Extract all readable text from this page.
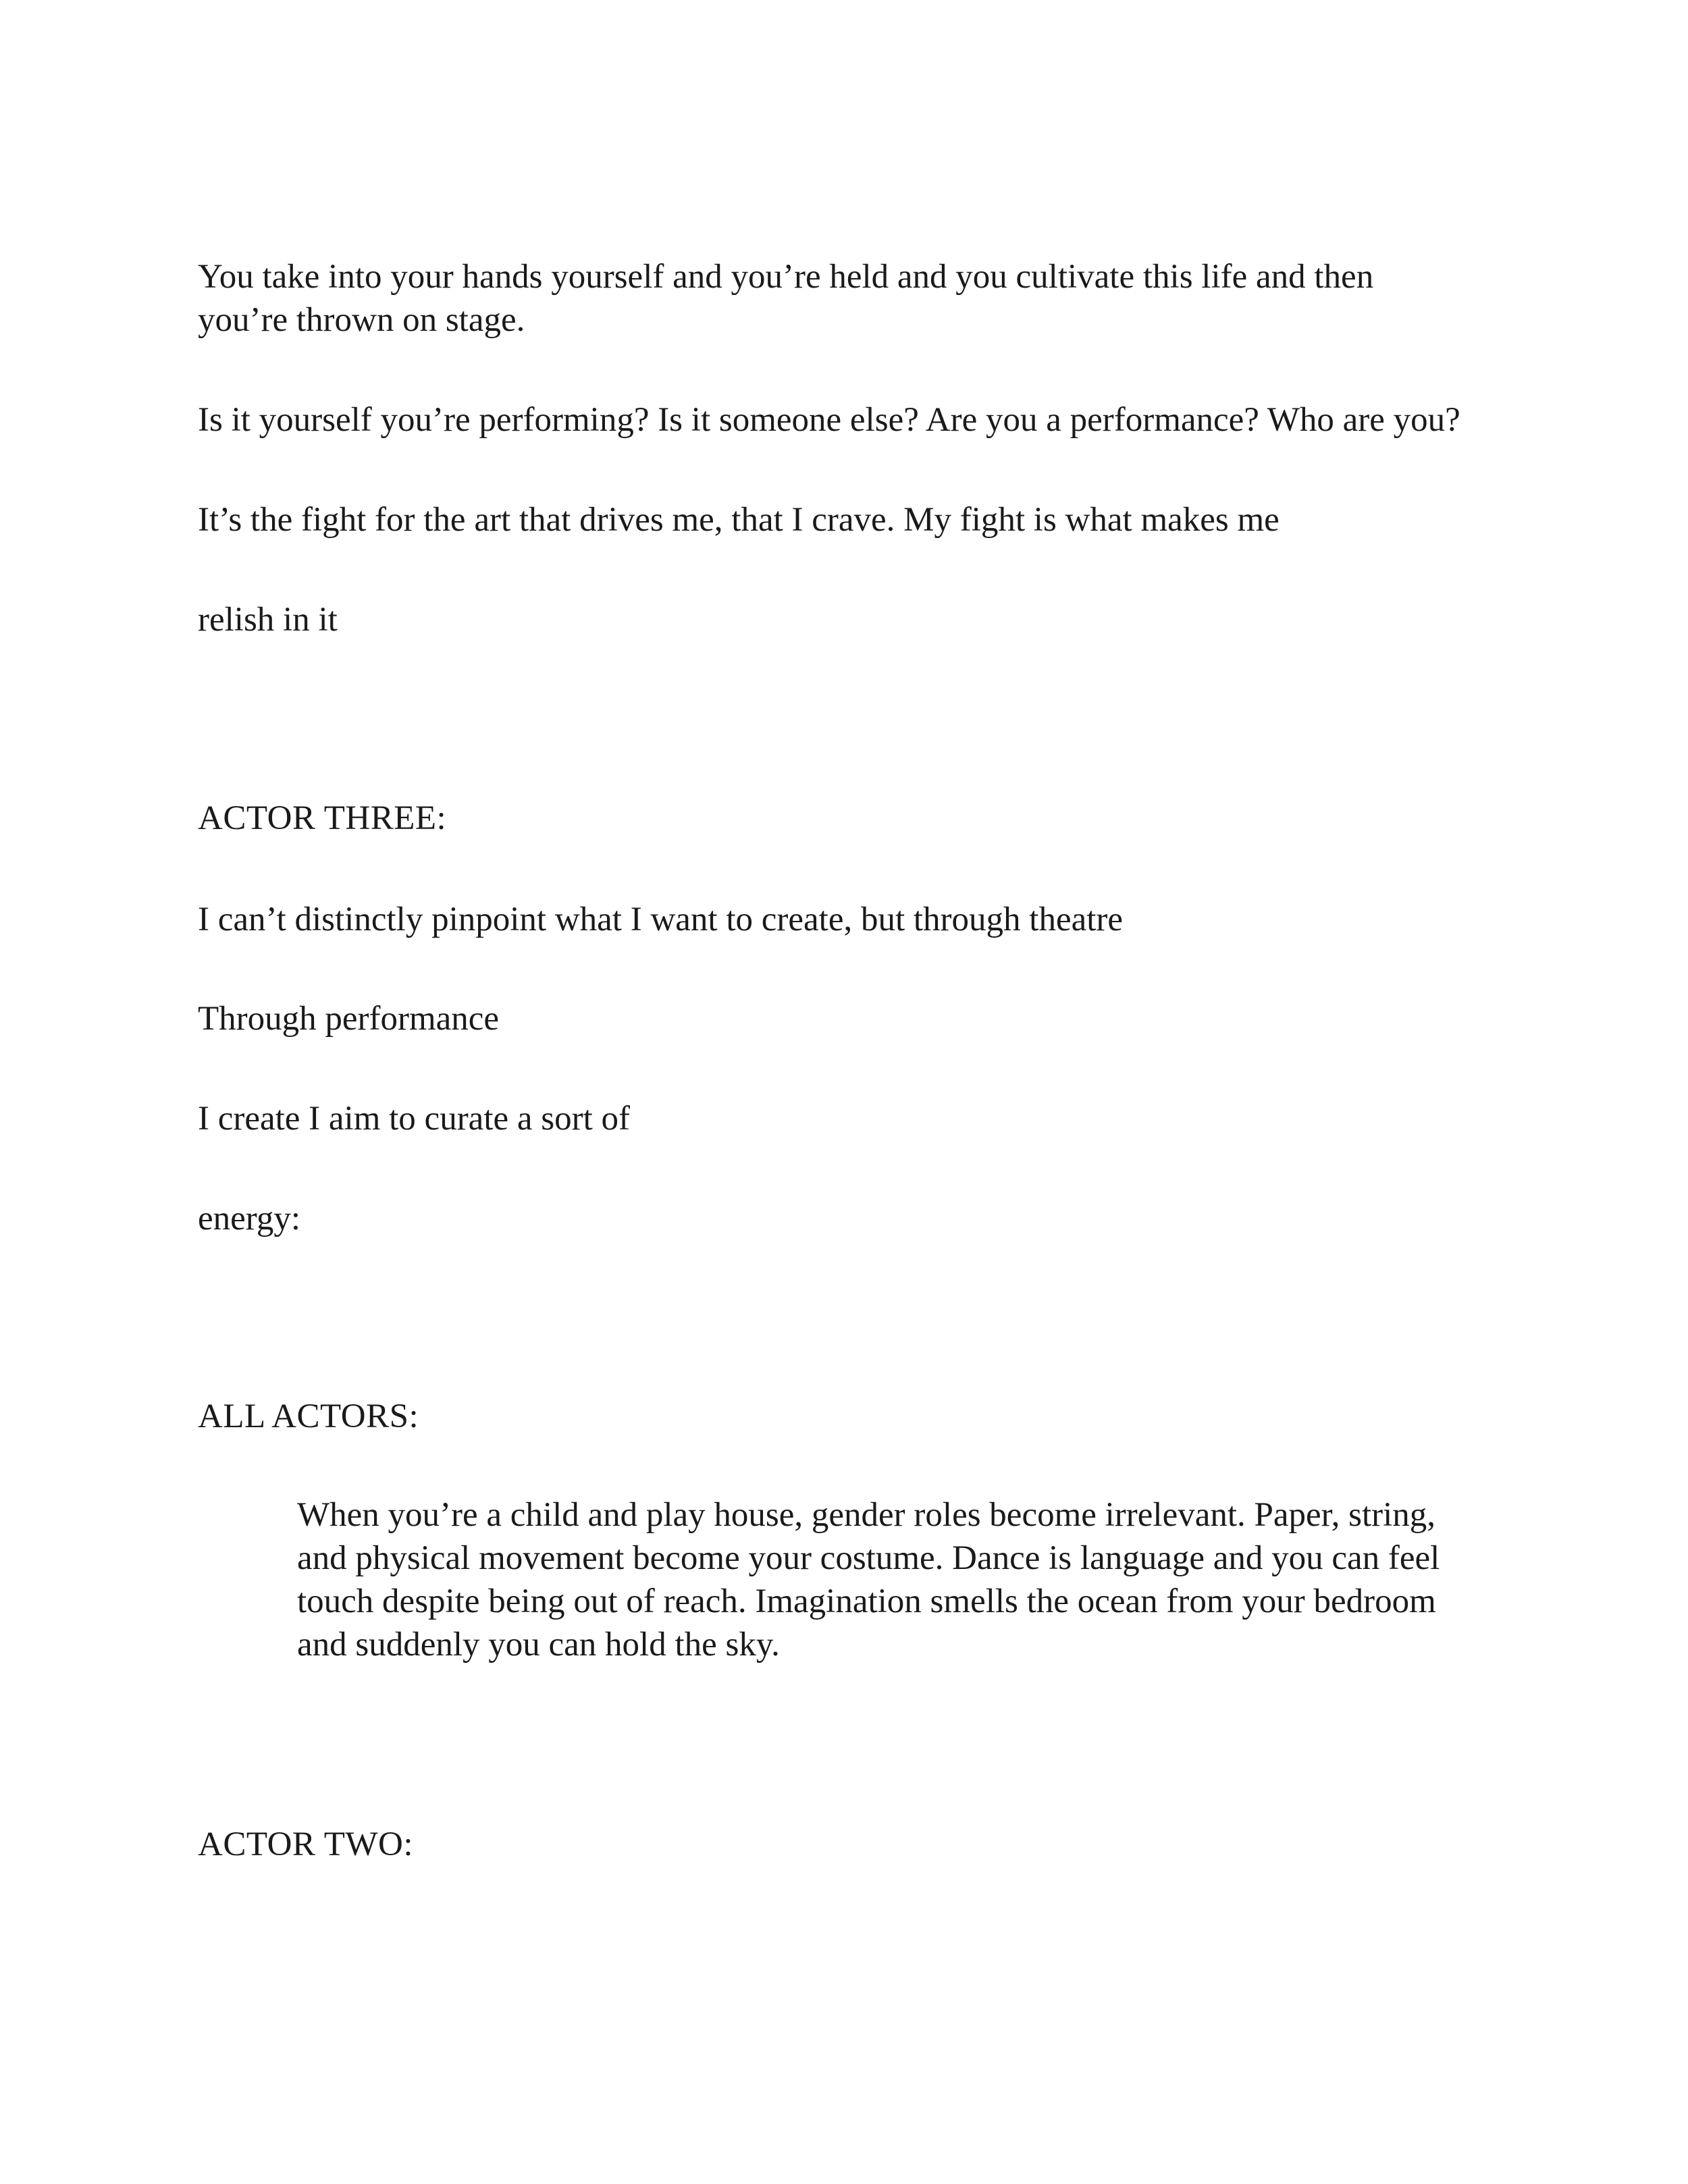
You take into your hands yourself and you’re held and you cultivate this life and then you’re thrown on stage.

Is it yourself you’re performing? Is it someone else? Are you a performance? Who are you?

It’s the fight for the art that drives me, that I crave. My fight is what makes me

relish in it

ACTOR THREE:

I can’t distinctly pinpoint what I want to create, but through theatre

Through performance

I create I aim to curate a sort of

energy:

ALL ACTORS:

When you’re a child and play house, gender roles become irrelevant. Paper, string, and physical movement become your costume. Dance is language and you can feel touch despite being out of reach. Imagination smells the ocean from your bedroom and suddenly you can hold the sky.

ACTOR TWO:
